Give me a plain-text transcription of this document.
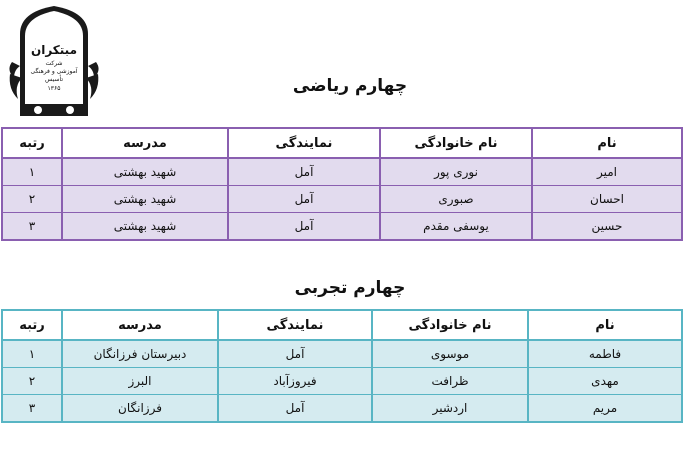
مبتکران
شرکت
آموزشی و فرهنگی
تأسیس
۱۳۶۵	چهارم ریاضی
نام	نام خانوادگی	نمایندگی	مدرسه	رتبه
امیر	نوری پور	آمل	شهید بهشتی	۱
احسان	صبوری	آمل	شهید بهشتی	۲
حسین	یوسفی مقدم	آمل	شهید بهشتی	۳
چهارم تجربی
نام	نام خانوادگی	نمایندگی	مدرسه	رتبه
فاطمه	موسوی	آمل	دبیرستان فرزانگان	۱
مهدی	ظرافت	فیروزآباد	البرز	۲
مریم	اردشیر	آمل	فرزانگان	۳
